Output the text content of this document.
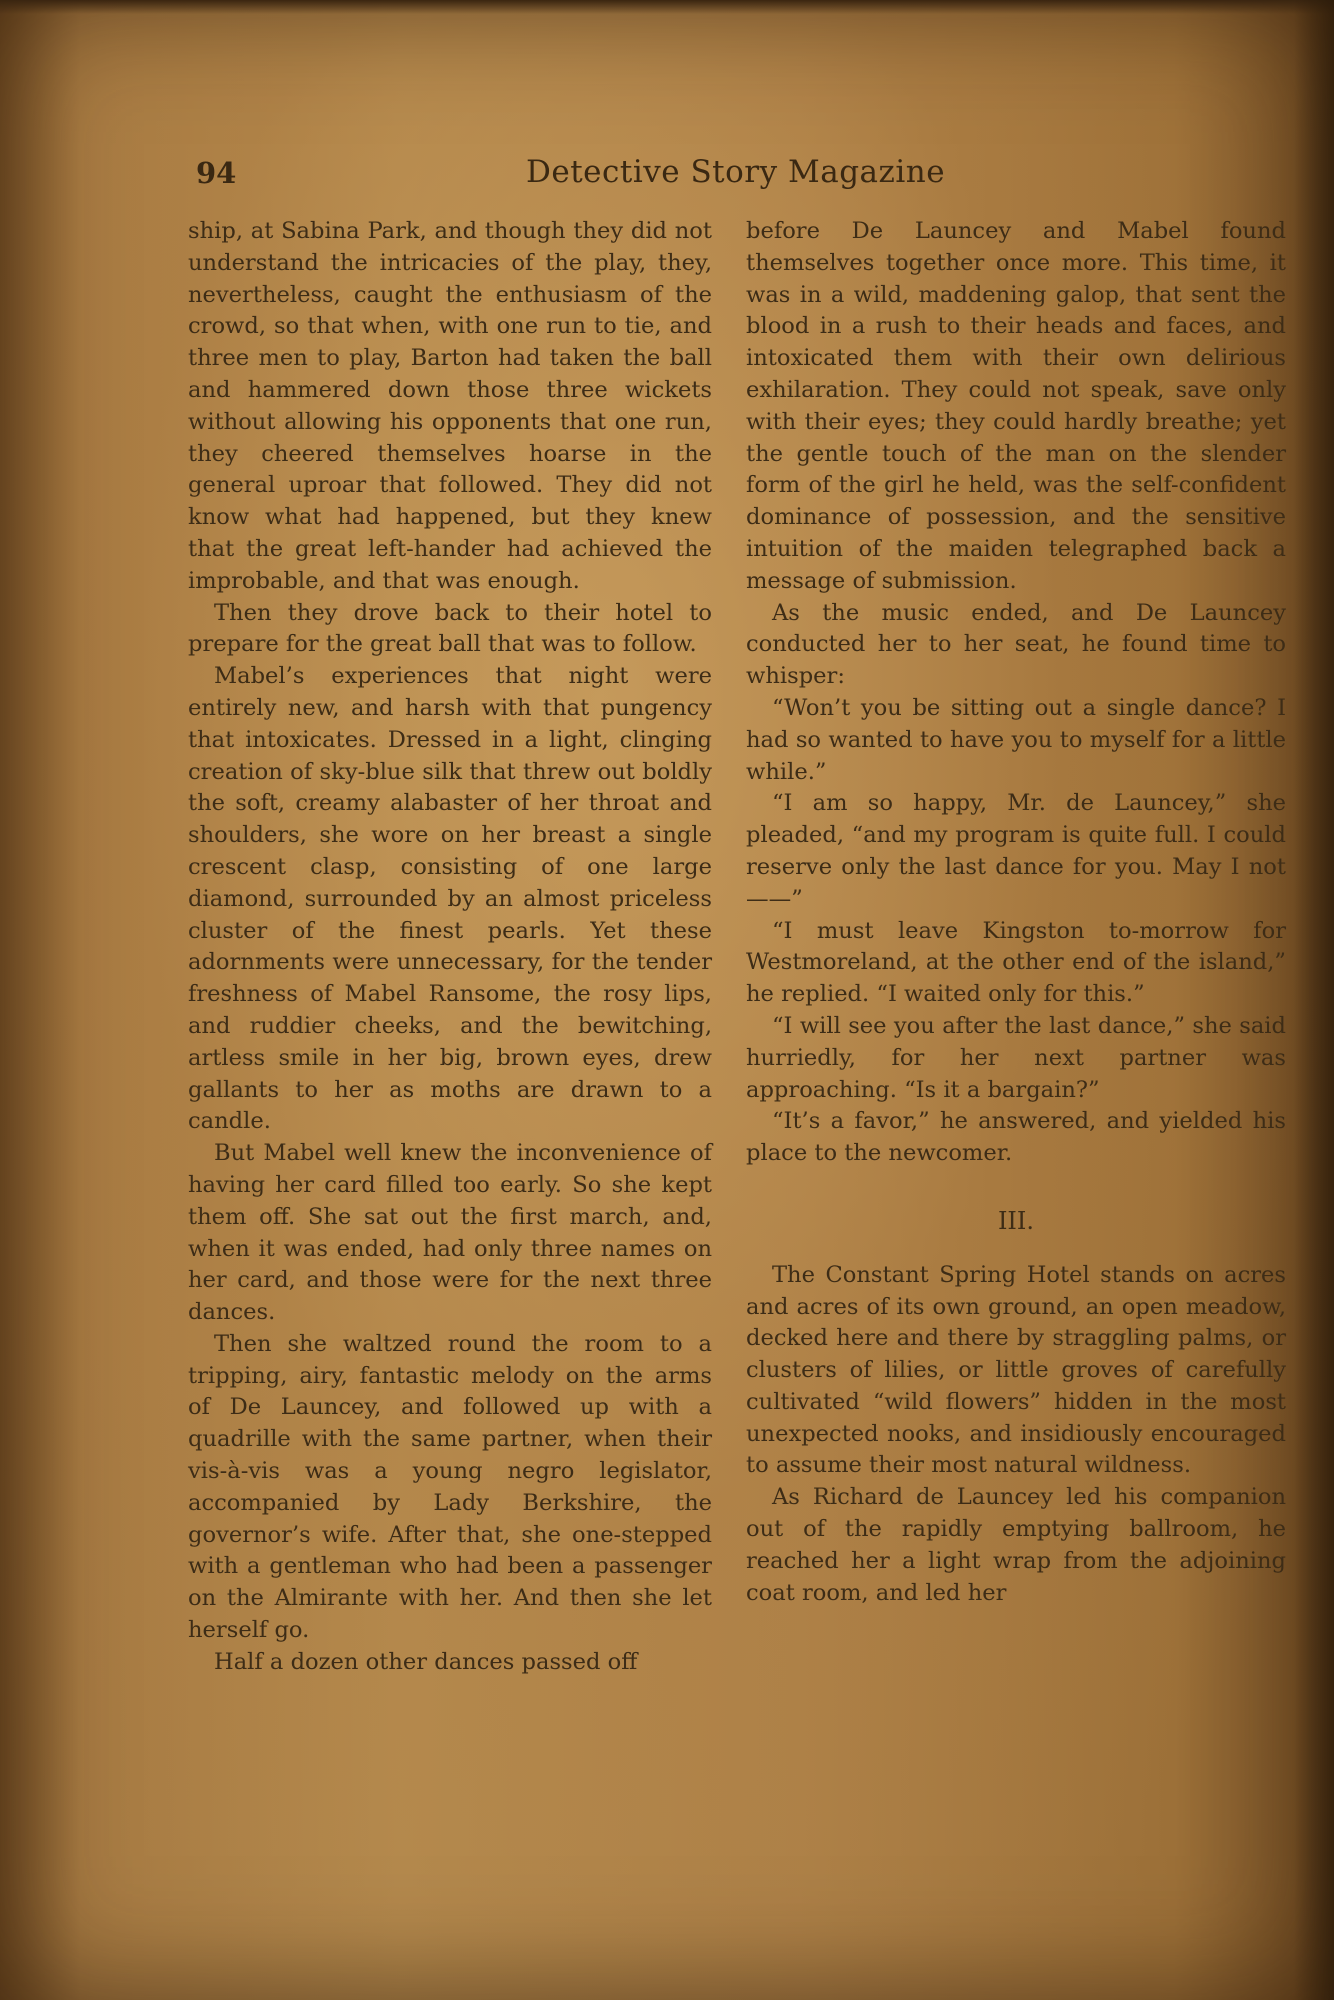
94	Detective Story Magazine

ship, at Sabina Park, and though they did not understand the intricacies of the play, they, nevertheless, caught the enthusiasm of the crowd, so that when, with one run to tie, and three men to play, Barton had taken the ball and hammered down those three wickets without allowing his opponents that one run, they cheered themselves hoarse in the general uproar that followed. They did not know what had happened, but they knew that the great left-hander had achieved the improbable, and that was enough.

Then they drove back to their hotel to prepare for the great ball that was to follow.

Mabel’s experiences that night were entirely new, and harsh with that pungency that intoxicates. Dressed in a light, clinging creation of sky-blue silk that threw out boldly the soft, creamy alabaster of her throat and shoulders, she wore on her breast a single crescent clasp, consisting of one large diamond, surrounded by an almost priceless cluster of the finest pearls. Yet these adornments were unnecessary, for the tender freshness of Mabel Ransome, the rosy lips, and ruddier cheeks, and the bewitching, artless smile in her big, brown eyes, drew gallants to her as moths are drawn to a candle.

But Mabel well knew the inconvenience of having her card filled too early. So she kept them off. She sat out the first march, and, when it was ended, had only three names on her card, and those were for the next three dances.

Then she waltzed round the room to a tripping, airy, fantastic melody on the arms of De Launcey, and followed up with a quadrille with the same partner, when their vis-à-vis was a young negro legislator, accompanied by Lady Berkshire, the governor’s wife. After that, she one-stepped with a gentleman who had been a passenger on the Almirante with her. And then she let herself go.

Half a dozen other dances passed off

before De Launcey and Mabel found themselves together once more. This time, it was in a wild, maddening galop, that sent the blood in a rush to their heads and faces, and intoxicated them with their own delirious exhilaration. They could not speak, save only with their eyes; they could hardly breathe; yet the gentle touch of the man on the slender form of the girl he held, was the self-confident dominance of possession, and the sensitive intuition of the maiden telegraphed back a message of submission.

As the music ended, and De Launcey conducted her to her seat, he found time to whisper:

“Won’t you be sitting out a single dance? I had so wanted to have you to myself for a little while.”

“I am so happy, Mr. de Launcey,” she pleaded, “and my program is quite full. I could reserve only the last dance for you. May I not——”

“I must leave Kingston to-morrow for Westmoreland, at the other end of the island,” he replied. “I waited only for this.”

“I will see you after the last dance,” she said hurriedly, for her next partner was approaching. “Is it a bargain?”

“It’s a favor,” he answered, and yielded his place to the newcomer.

III.

The Constant Spring Hotel stands on acres and acres of its own ground, an open meadow, decked here and there by straggling palms, or clusters of lilies, or little groves of carefully cultivated “wild flowers” hidden in the most unexpected nooks, and insidiously encouraged to assume their most natural wildness.

As Richard de Launcey led his companion out of the rapidly emptying ballroom, he reached her a light wrap from the adjoining coat room, and led her
